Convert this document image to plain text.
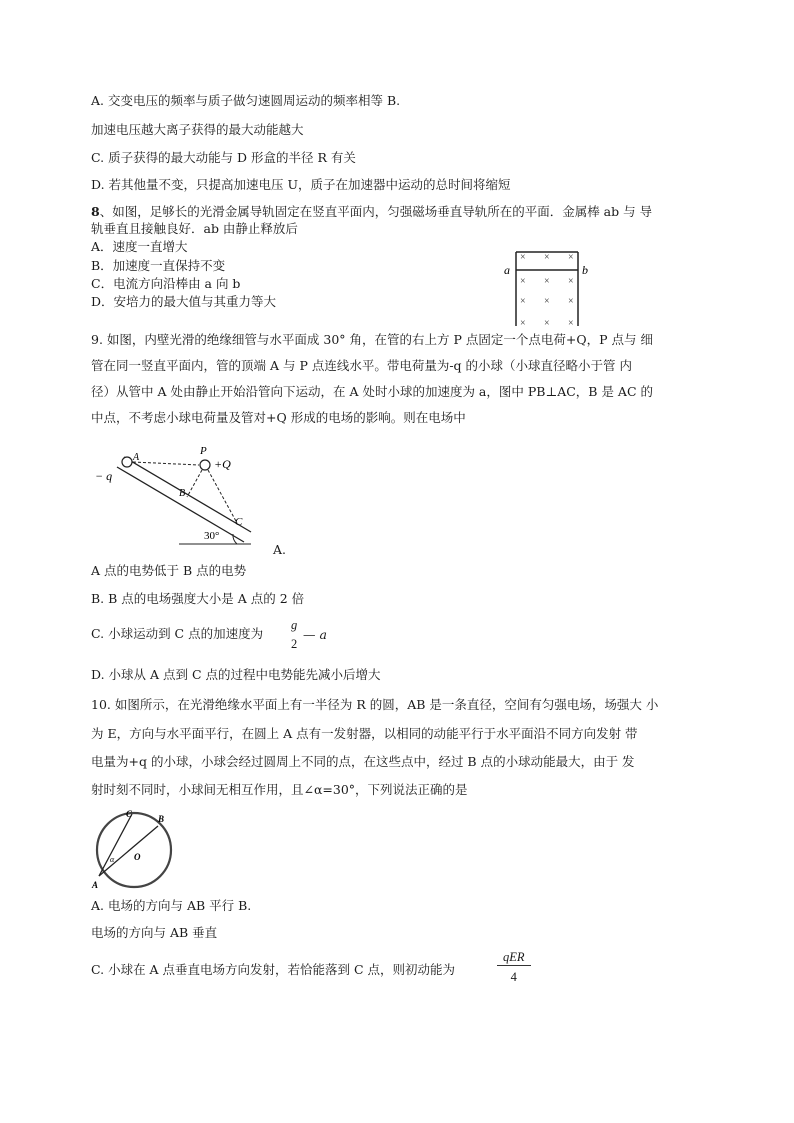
A. 交变电压的频率与质子做匀速圆周运动的频率相等 B.
加速电压越大离子获得的最大动能越大
C. 质子获得的最大动能与 D 形盒的半径 R 有关
D. 若其他量不变，只提高加速电压 U，质子在加速器中运动的总时间将缩短
8、如图，足够长的光滑金属导轨固定在竖直平面内，匀强磁场垂直导轨所在的平面．金属棒 ab 与 导
轨垂直且接触良好．ab 由静止释放后
A．速度一直增大
B．加速度一直保持不变
C．电流方向沿棒由 a 向 b
D．安培力的最大值与其重力等大
a	b
× × ×
× × ×
× × ×
× × ×
9. 如图，内壁光滑的绝缘细管与水平面成 30° 角，在管的右上方 P 点固定一个点电荷+Q，P 点与 细
管在同一竖直平面内，管的顶端 A 与 P 点连线水平。带电荷量为-q 的小球（小球直径略小于管 内
径）从管中 A 处由静止开始沿管向下运动，在 A 处时小球的加速度为 a，图中 PB⊥AC，B 是 AC 的
中点，不考虑小球电荷量及管对+Q 形成的电场的影响。则在电场中
P
+Q
− q
A
B
C
30°
A.
A 点的电势低于 B 点的电势
B. B 点的电场强度大小是 A 点的 2 倍
C. 小球运动到 C 点的加速度为
g
2
— a
D. 小球从 A 点到 C 点的过程中电势能先减小后增大
10. 如图所示，在光滑绝缘水平面上有一半径为 R 的圆，AB 是一条直径，空间有匀强电场，场强大 小
为 E，方向与水平面平行，在圆上 A 点有一发射器，以相同的动能平行于水平面沿不同方向发射 带
电量为+q 的小球，小球会经过圆周上不同的点，在这些点中，经过 B 点的小球动能最大，由于 发
射时刻不同时，小球间无相互作用，且∠α=30°，下列说法正确的是
A
B
C
O
α
A. 电场的方向与 AB 平行 B.
电场的方向与 AB 垂直
C. 小球在 A 点垂直电场方向发射，若恰能落到 C 点，则初动能为
qER
4
